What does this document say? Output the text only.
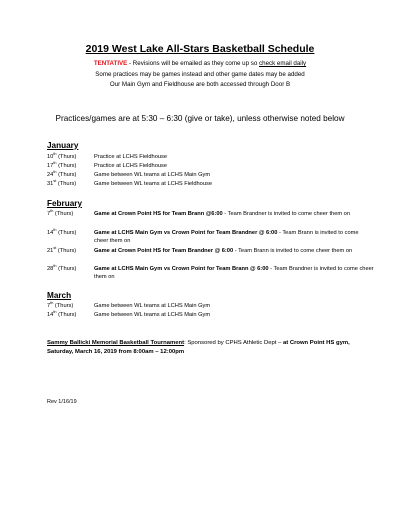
2019 West Lake All-Stars Basketball Schedule
TENTATIVE - Revisions will be emailed as they come up so check email daily
Some practices may be games instead and other game dates may be added
Our Main Gym and Fieldhouse are both accessed through Door B
Practices/games are at 5:30 – 6:30 (give or take), unless otherwise noted below
January
10th (Thurs)	Practice at LCHS Fieldhouse
17th (Thurs)	Practice at LCHS Fieldhouse
24th (Thurs)	Game between WL teams at LCHS Main Gym
31st (Thurs)	Game between WL teams at LCHS Fieldhouse
February
7th (Thurs)	Game at Crown Point HS for Team Brann @6:00 - Team Brandner is invited to come cheer them on
14th (Thurs)	Game at LCHS Main Gym vs Crown Point for Team Brandner @ 6:00 - Team Brann is invited to come cheer them on
21st (Thurs)	Game at Crown Point HS for Team Brandner @ 6:00 - Team Brann is invited to come cheer them on
28th (Thurs)	Game at LCHS Main Gym vs Crown Point for Team Brann @ 6:00 - Team Brandner is invited to come cheer them on
March
7th (Thurs)	Game between WL teams at LCHS Main Gym
14th (Thurs)	Game between WL teams at LCHS Main Gym
Sammy Ballicki Memorial Basketball Tournament: Sponsored by CPHS Athletic Dept – at Crown Point HS gym, Saturday, March 16, 2019 from 8:00am – 12:00pm
Rev 1/16/19
